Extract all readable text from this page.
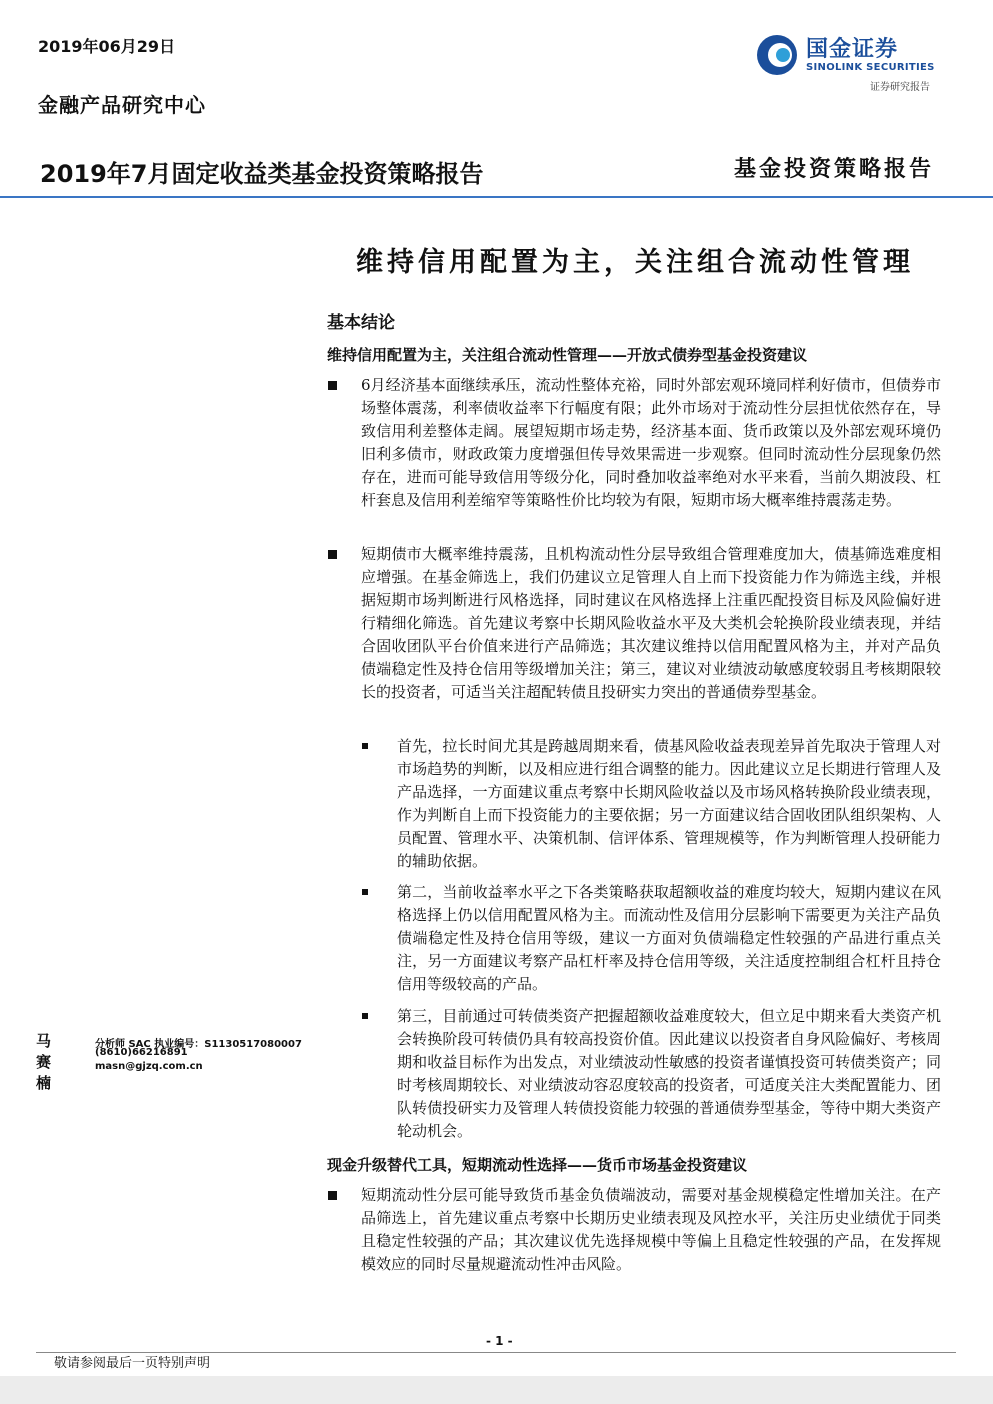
2019年06月29日
金融产品研究中心
国金证券
SINOLINK SECURITIES
证券研究报告
2019年7月固定收益类基金投资策略报告	基金投资策略报告
维持信用配置为主，关注组合流动性管理
基本结论
维持信用配置为主，关注组合流动性管理——开放式债券型基金投资建议
6月经济基本面继续承压，流动性整体充裕，同时外部宏观环境同样利好债市，但债券市场整体震荡，利率债收益率下行幅度有限；此外市场对于流动性分层担忧依然存在，导致信用利差整体走阔。展望短期市场走势，经济基本面、货币政策以及外部宏观环境仍旧利多债市，财政政策力度增强但传导效果需进一步观察。但同时流动性分层现象仍然存在，进而可能导致信用等级分化，同时叠加收益率绝对水平来看，当前久期波段、杠杆套息及信用利差缩窄等策略性价比均较为有限，短期市场大概率维持震荡走势。
短期债市大概率维持震荡，且机构流动性分层导致组合管理难度加大，债基筛选难度相应增强。在基金筛选上，我们仍建议立足管理人自上而下投资能力作为筛选主线，并根据短期市场判断进行风格选择，同时建议在风格选择上注重匹配投资目标及风险偏好进行精细化筛选。首先建议考察中长期风险收益水平及大类机会轮换阶段业绩表现，并结合固收团队平台价值来进行产品筛选；其次建议维持以信用配置风格为主，并对产品负债端稳定性及持仓信用等级增加关注；第三，建议对业绩波动敏感度较弱且考核期限较长的投资者，可适当关注超配转债且投研实力突出的普通债券型基金。
首先，拉长时间尤其是跨越周期来看，债基风险收益表现差异首先取决于管理人对市场趋势的判断，以及相应进行组合调整的能力。因此建议立足长期进行管理人及产品选择，一方面建议重点考察中长期风险收益以及市场风格转换阶段业绩表现，作为判断自上而下投资能力的主要依据；另一方面建议结合固收团队组织架构、人员配置、管理水平、决策机制、信评体系、管理规模等，作为判断管理人投研能力的辅助依据。
第二，当前收益率水平之下各类策略获取超额收益的难度均较大，短期内建议在风格选择上仍以信用配置风格为主。而流动性及信用分层影响下需要更为关注产品负债端稳定性及持仓信用等级，建议一方面对负债端稳定性较强的产品进行重点关注，另一方面建议考察产品杠杆率及持仓信用等级，关注适度控制组合杠杆且持仓信用等级较高的产品。
第三，目前通过可转债类资产把握超额收益难度较大，但立足中期来看大类资产机会转换阶段可转债仍具有较高投资价值。因此建议以投资者自身风险偏好、考核周期和收益目标作为出发点，对业绩波动性敏感的投资者谨慎投资可转债类资产；同时考核周期较长、对业绩波动容忍度较高的投资者，可适度关注大类配置能力、团队转债投研实力及管理人转债投资能力较强的普通债券型基金，等待中期大类资产轮动机会。
现金升级替代工具，短期流动性选择——货币市场基金投资建议
短期流动性分层可能导致货币基金负债端波动，需要对基金规模稳定性增加关注。在产品筛选上，首先建议重点考察中长期历史业绩表现及风控水平，关注历史业绩优于同类且稳定性较强的产品；其次建议优先选择规模中等偏上且稳定性较强的产品，在发挥规模效应的同时尽量规避流动性冲击风险。
马赛楠
分析师 SAC 执业编号：S1130517080007
(8610)66216891
masn@gjzq.com.cn
- 1 -
敬请参阅最后一页特别声明
